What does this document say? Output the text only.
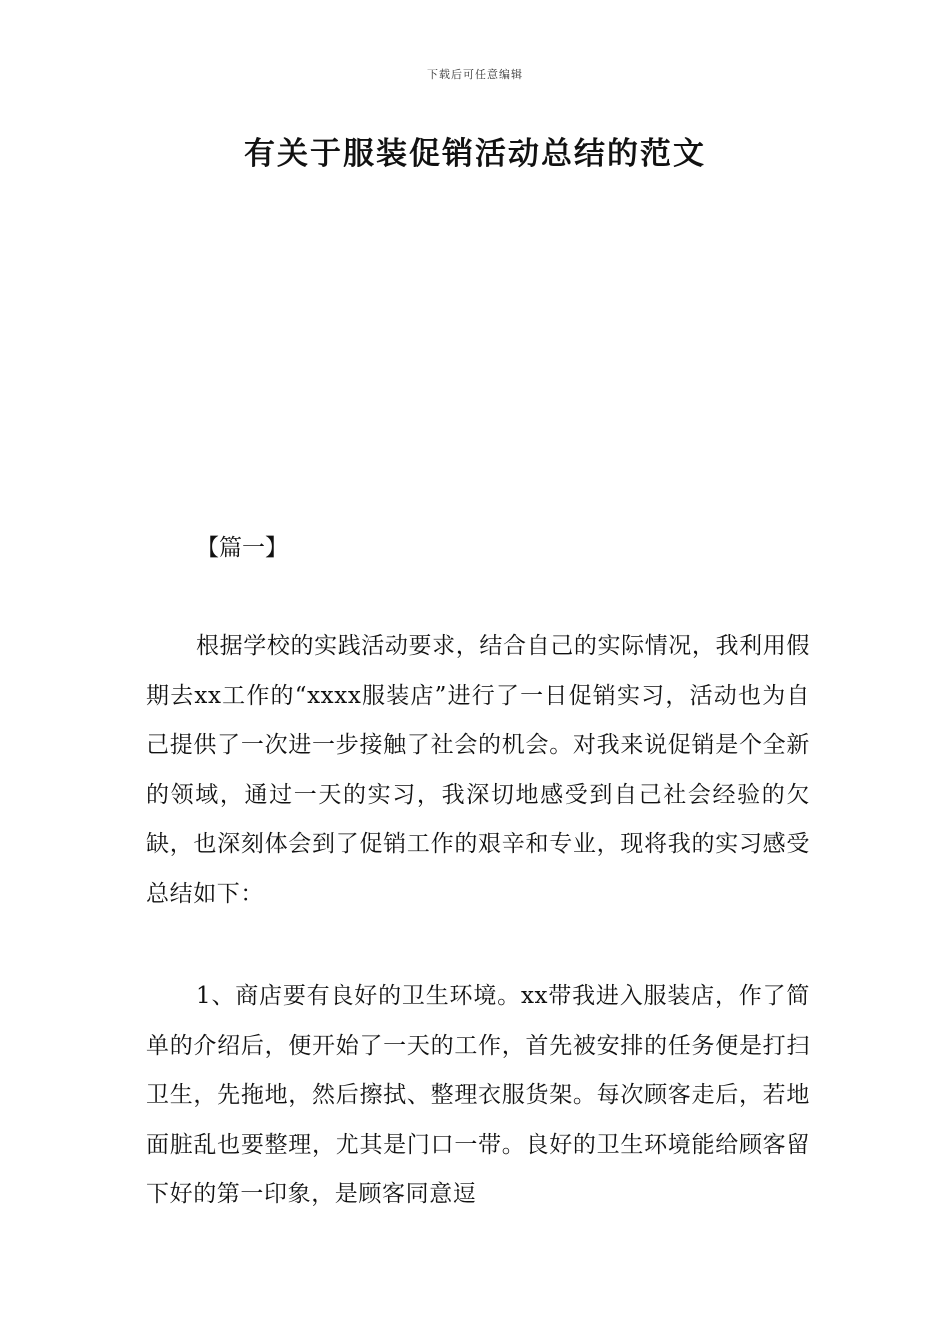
下载后可任意编辑
有关于服装促销活动总结的范文
【篇一】

根据学校的实践活动要求，结合自己的实际情况，我利用假期去xx工作的“xxxx服装店”进行了一日促销实习，活动也为自己提供了一次进一步接触了社会的机会。对我来说促销是个全新的领域，通过一天的实习，我深切地感受到自己社会经验的欠缺，也深刻体会到了促销工作的艰辛和专业，现将我的实习感受总结如下：

1、商店要有良好的卫生环境。xx带我进入服装店，作了简单的介绍后，便开始了一天的工作，首先被安排的任务便是打扫卫生，先拖地，然后擦拭、整理衣服货架。每次顾客走后，若地面脏乱也要整理，尤其是门口一带。良好的卫生环境能给顾客留下好的第一印象，是顾客同意逗
